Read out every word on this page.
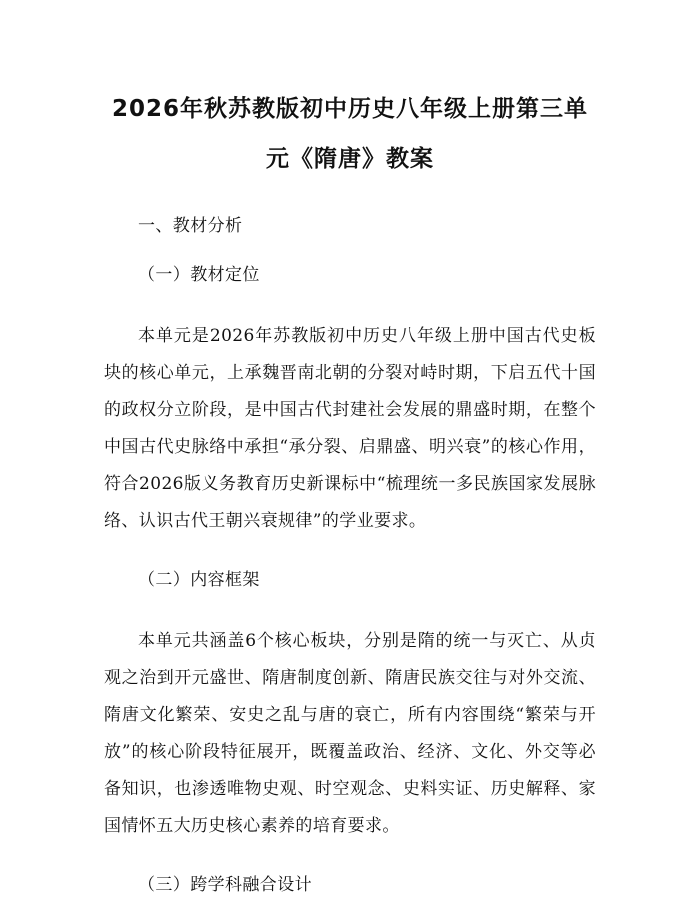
2026年秋苏教版初中历史八年级上册第三单
元《隋唐》教案

一、教材分析

（一）教材定位

本单元是2026年苏教版初中历史八年级上册中国古代史板块的核心单元，上承魏晋南北朝的分裂对峙时期，下启五代十国的政权分立阶段，是中国古代封建社会发展的鼎盛时期，在整个中国古代史脉络中承担“承分裂、启鼎盛、明兴衰”的核心作用，符合2026版义务教育历史新课标中“梳理统一多民族国家发展脉络、认识古代王朝兴衰规律”的学业要求。

（二）内容框架

本单元共涵盖6个核心板块，分别是隋的统一与灭亡、从贞观之治到开元盛世、隋唐制度创新、隋唐民族交往与对外交流、隋唐文化繁荣、安史之乱与唐的衰亡，所有内容围绕“繁荣与开放”的核心阶段特征展开，既覆盖政治、经济、文化、外交等必备知识，也渗透唯物史观、时空观念、史料实证、历史解释、家国情怀五大历史核心素养的培育要求。

（三）跨学科融合设计
